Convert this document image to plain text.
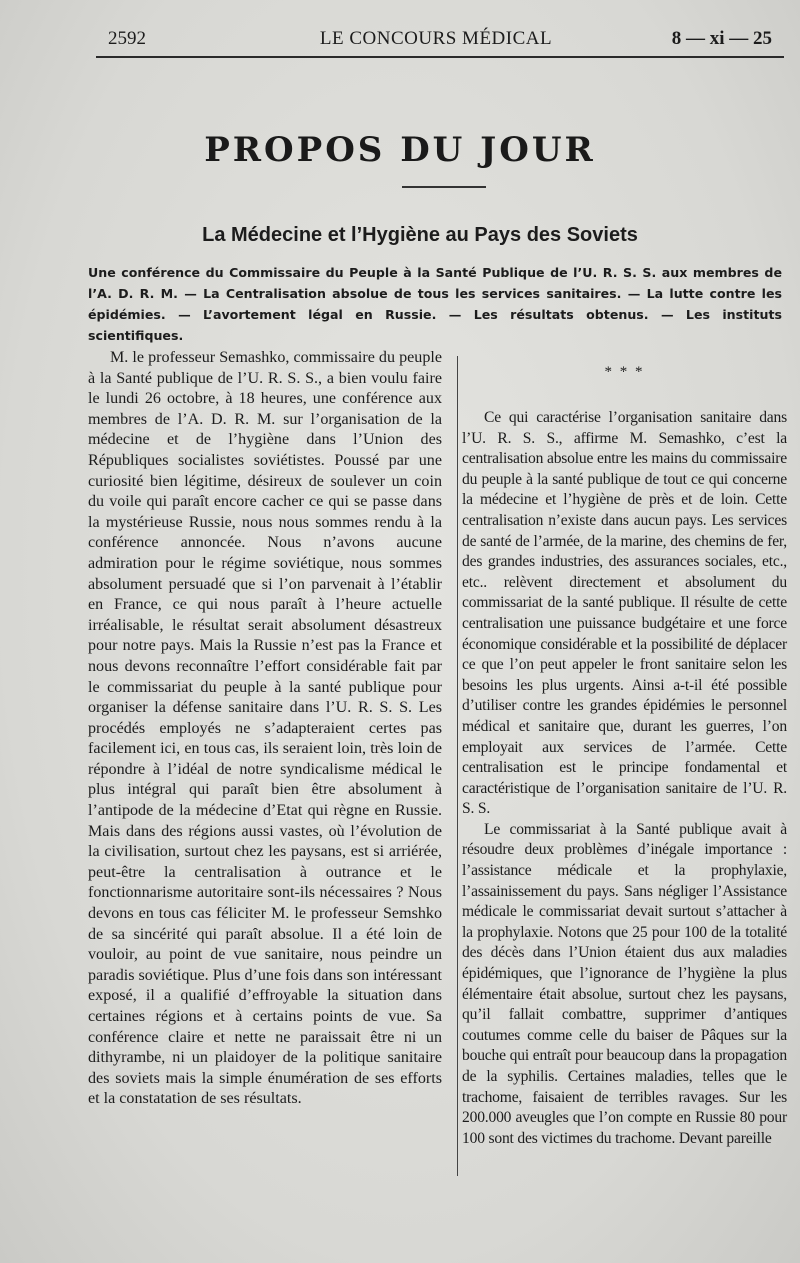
2592	LE CONCOURS MÉDICAL	8 — xi — 25
PROPOS DU JOUR
La Médecine et l’Hygiène au Pays des Soviets
Une conférence du Commissaire du Peuple à la Santé Publique de l’U. R. S. S. aux membres de l’A. D. R. M. — La Centralisation absolue de tous les services sanitaires. — La lutte contre les épidémies. — L’avortement légal en Russie. — Les résultats obtenus. — Les instituts scientifiques.

M. le professeur Semashko, commissaire du peuple à la Santé publique de l’U. R. S. S., a bien voulu faire le lundi 26 octobre, à 18 heures, une conférence aux membres de l’A. D. R. M. sur l’organisation de la médecine et de l’hygiène dans l’Union des Républiques socialistes soviétistes. Poussé par une curiosité bien légitime, désireux de soulever un coin du voile qui paraît encore cacher ce qui se passe dans la mystérieuse Russie, nous nous sommes rendu à la conférence annoncée. Nous n’avons aucune admiration pour le régime soviétique, nous sommes absolument persuadé que si l’on parvenait à l’établir en France, ce qui nous paraît à l’heure actuelle irréalisable, le résultat serait absolument désastreux pour notre pays. Mais la Russie n’est pas la France et nous devons reconnaître l’effort considérable fait par le commissariat du peuple à la santé publique pour organiser la défense sanitaire dans l’U. R. S. S. Les procédés employés ne s’adapteraient certes pas facilement ici, en tous cas, ils seraient loin, très loin de répondre à l’idéal de notre syndicalisme médical le plus intégral qui paraît bien être absolument à l’antipode de la médecine d’Etat qui règne en Russie. Mais dans des régions aussi vastes, où l’évolution de la civilisation, surtout chez les paysans, est si arriérée, peut-être la centralisation à outrance et le fonctionnarisme autoritaire sont-ils nécessaires ? Nous devons en tous cas féliciter M. le professeur Semshko de sa sincérité qui paraît absolue. Il a été loin de vouloir, au point de vue sanitaire, nous peindre un paradis soviétique. Plus d’une fois dans son intéressant exposé, il a qualifié d’effroyable la situation dans certaines régions et à certains points de vue. Sa conférence claire et nette ne paraissait être ni un dithyrambe, ni un plaidoyer de la politique sanitaire des soviets mais la simple énumération de ses efforts et la constatation de ses résultats.

* * *

Ce qui caractérise l’organisation sanitaire dans l’U. R. S. S., affirme M. Semashko, c’est la centralisation absolue entre les mains du commissaire du peuple à la santé publique de tout ce qui concerne la médecine et l’hygiène de près et de loin. Cette centralisation n’existe dans aucun pays. Les services de santé de l’armée, de la marine, des chemins de fer, des grandes industries, des assurances sociales, etc., etc.. relèvent directement et absolument du commissariat de la santé publique. Il résulte de cette centralisation une puissance budgétaire et une force économique considérable et la possibilité de déplacer ce que l’on peut appeler le front sanitaire selon les besoins les plus urgents. Ainsi a-t-il été possible d’utiliser contre les grandes épidémies le personnel médical et sanitaire que, durant les guerres, l’on employait aux services de l’armée. Cette centralisation est le principe fondamental et caractéristique de l’organisation sanitaire de l’U. R. S. S.

Le commissariat à la Santé publique avait à résoudre deux problèmes d’inégale importance : l’assistance médicale et la prophylaxie, l’assainissement du pays. Sans négliger l’Assistance médicale le commissariat devait surtout s’attacher à la prophylaxie. Notons que 25 pour 100 de la totalité des décès dans l’Union étaient dus aux maladies épidémiques, que l’ignorance de l’hygiène la plus élémentaire était absolue, surtout chez les paysans, qu’il fallait combattre, supprimer d’antiques coutumes comme celle du baiser de Pâques sur la bouche qui entraît pour beaucoup dans la propagation de la syphilis. Certaines maladies, telles que le trachome, faisaient de terribles ravages. Sur les 200.000 aveugles que l’on compte en Russie 80 pour 100 sont des victimes du trachome. Devant pareille
